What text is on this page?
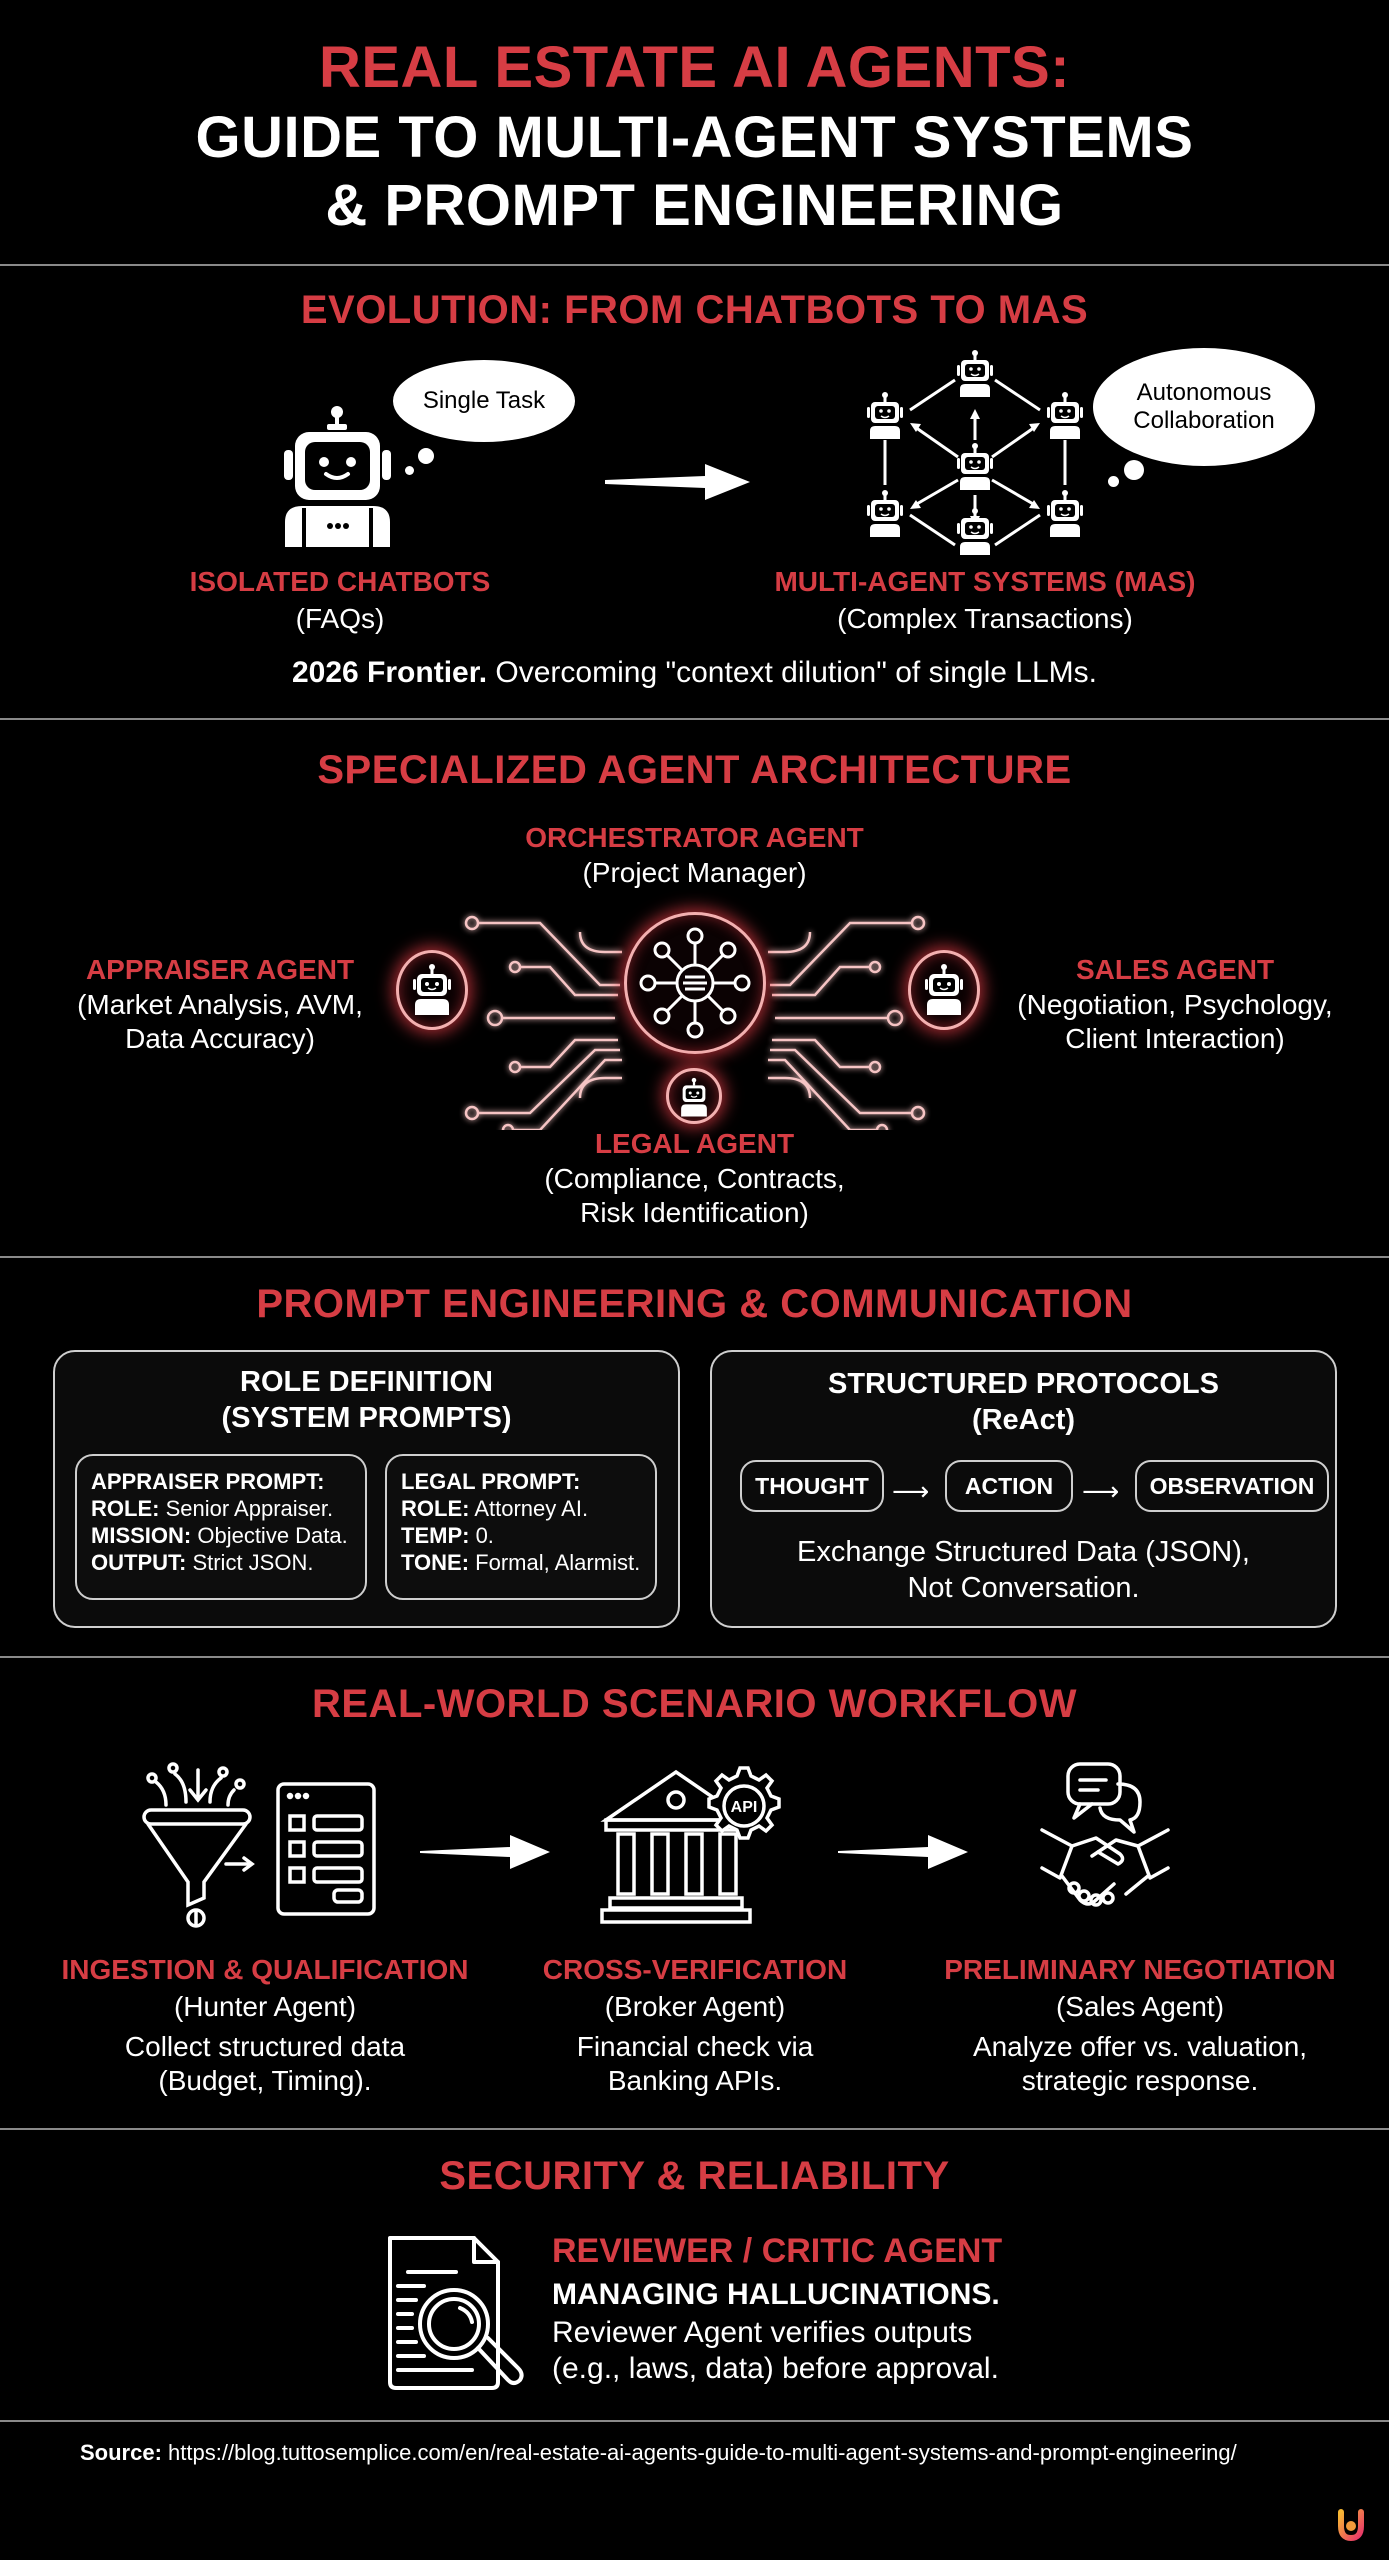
REAL ESTATE AI AGENTS:
GUIDE TO MULTI-AGENT SYSTEMS
& PROMPT ENGINEERING
EVOLUTION: FROM CHATBOTS TO MAS
Single Task
ISOLATED CHATBOTS
(FAQs)
Autonomous
Collaboration
MULTI-AGENT SYSTEMS (MAS)
(Complex Transactions)
2026 Frontier. Overcoming "context dilution" of single LLMs.
SPECIALIZED AGENT ARCHITECTURE
ORCHESTRATOR AGENT
(Project Manager)
APPRAISER AGENT
(Market Analysis, AVM,
Data Accuracy)
SALES AGENT
(Negotiation, Psychology,
Client Interaction)
LEGAL AGENT
(Compliance, Contracts,
Risk Identification)
PROMPT ENGINEERING & COMMUNICATION
ROLE DEFINITION
(SYSTEM PROMPTS)
APPRAISER PROMPT:
ROLE: Senior Appraiser.
MISSION: Objective Data.
OUTPUT: Strict JSON.
LEGAL PROMPT:
ROLE: Attorney AI.
TEMP: 0.
TONE: Formal, Alarmist.
STRUCTURED PROTOCOLS
(ReAct)
THOUGHT ⟶	ACTION	⟶	OBSERVATION
Exchange Structured Data (JSON),
Not Conversation.
REAL-WORLD SCENARIO WORKFLOW
API
INGESTION & QUALIFICATION
(Hunter Agent)
Collect structured data
(Budget, Timing).
CROSS-VERIFICATION
(Broker Agent)
Financial check via
Banking APIs.
PRELIMINARY NEGOTIATION
(Sales Agent)
Analyze offer vs. valuation,
strategic response.
SECURITY & RELIABILITY
REVIEWER / CRITIC AGENT
MANAGING HALLUCINATIONS.
Reviewer Agent verifies outputs
(e.g., laws, data) before approval.
Source: https://blog.tuttosemplice.com/en/real-estate-ai-agents-guide-to-multi-agent-systems-and-prompt-engineering/
